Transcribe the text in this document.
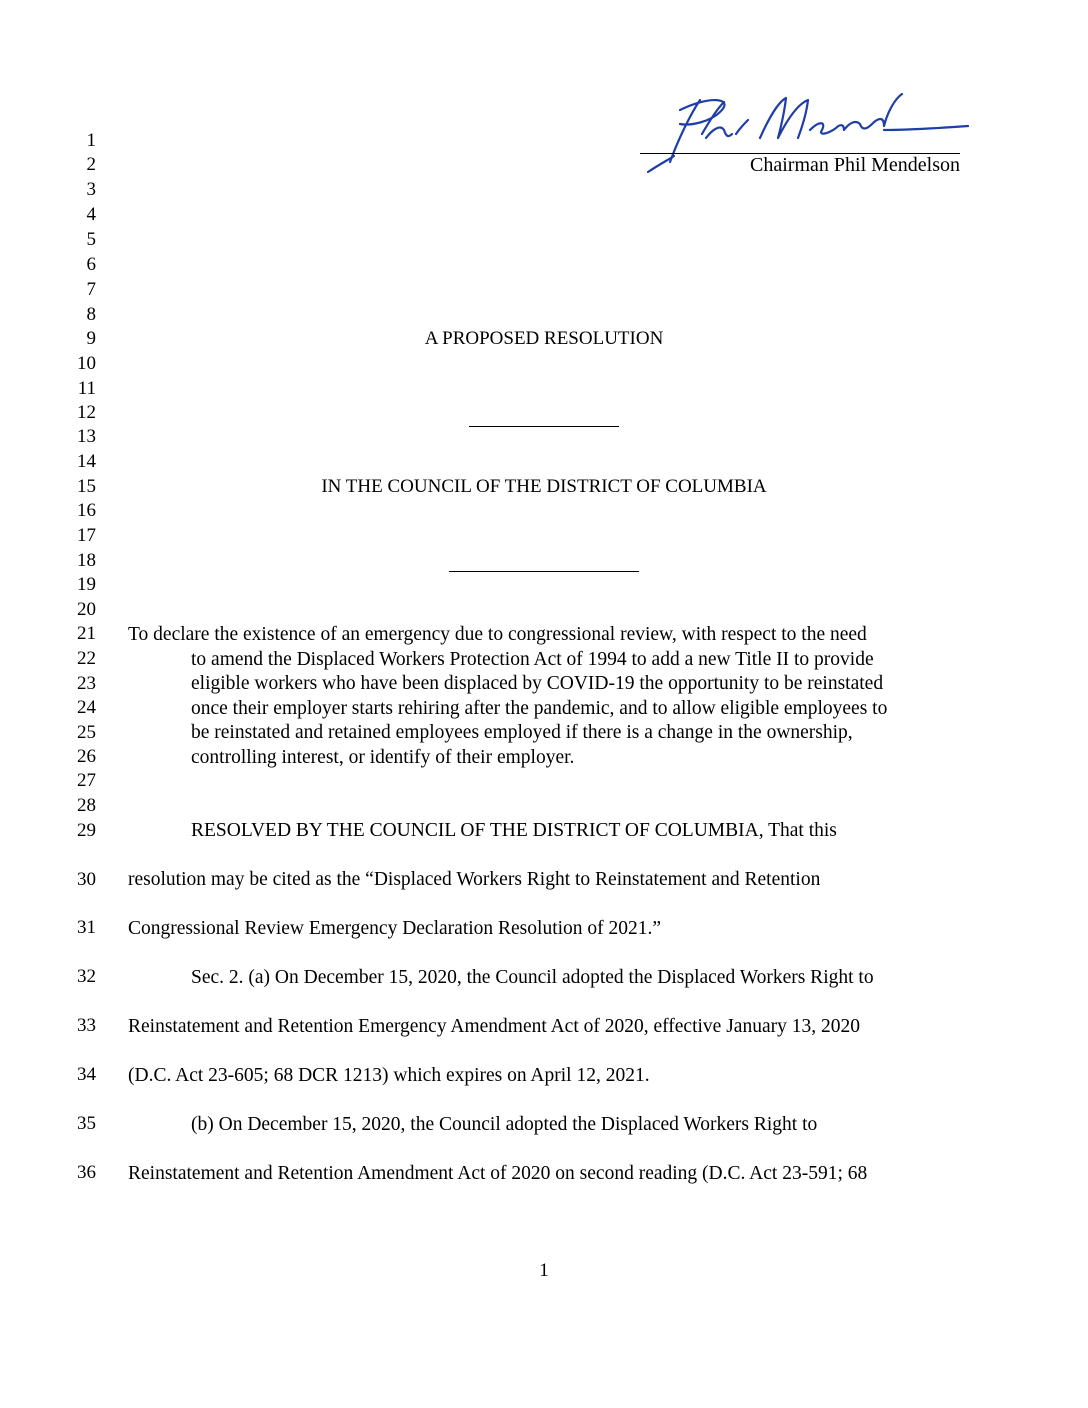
Chairman Phil Mendelson
1
2
3
4
5
6
7
8
9
10
11
12
13
14
15
16
17
18
19
20
21
22
23
24
25
26
27
28
29
30
31
32
33
34
35
36
A PROPOSED RESOLUTION
IN THE COUNCIL OF THE DISTRICT OF COLUMBIA
To declare the existence of an emergency due to congressional review, with respect to the need
to amend the Displaced Workers Protection Act of 1994 to add a new Title II to provide
eligible workers who have been displaced by COVID-19 the opportunity to be reinstated
once their employer starts rehiring after the pandemic, and to allow eligible employees to
be reinstated and retained employees employed if there is a change in the ownership,
controlling interest, or identify of their employer.
RESOLVED BY THE COUNCIL OF THE DISTRICT OF COLUMBIA, That this
resolution may be cited as the “Displaced Workers Right to Reinstatement and Retention
Congressional Review Emergency Declaration Resolution of 2021.”
Sec. 2. (a) On December 15, 2020, the Council adopted the Displaced Workers Right to
Reinstatement and Retention Emergency Amendment Act of 2020, effective January 13, 2020
(D.C. Act 23-605; 68 DCR 1213) which expires on April 12, 2021.
(b) On December 15, 2020, the Council adopted the Displaced Workers Right to
Reinstatement and Retention Amendment Act of 2020 on second reading (D.C. Act 23-591; 68
1
